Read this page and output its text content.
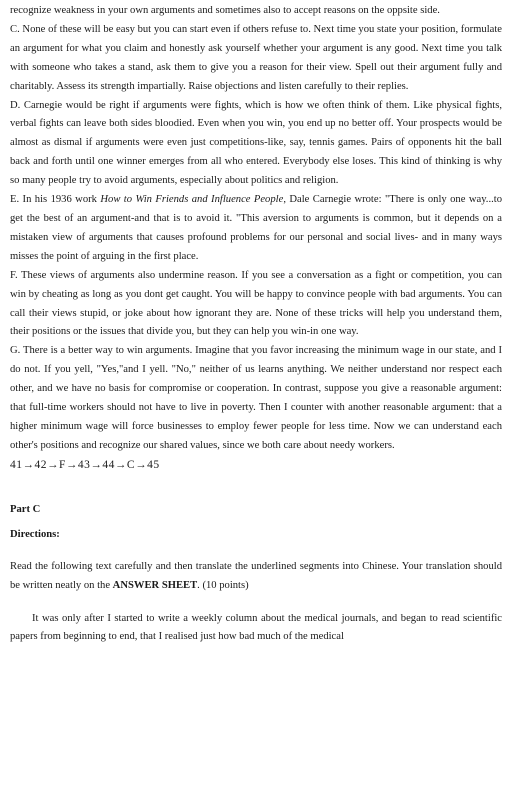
recognize weakness in your own arguments and sometimes also to accept reasons on the oppsite side.

C. None of these will be easy but you can start even if others refuse to. Next time you state your position, formulate an argument for what you claim and honestly ask yourself whether your argument is any good. Next time you talk with someone who takes a stand, ask them to give you a reason for their view. Spell out their argument fully and charitably. Assess its strength impartially. Raise objections and listen carefully to their replies.

D. Carnegie would be right if arguments were fights, which is how we often think of them. Like physical fights, verbal fights can leave both sides bloodied. Even when you win, you end up no better off. Your prospects would be almost as dismal if arguments were even just competitions-like, say, tennis games. Pairs of opponents hit the ball back and forth until one winner emerges from all who entered. Everybody else loses. This kind of thinking is why so many people try to avoid arguments, especially about politics and religion.

E. In his 1936 work How to Win Friends and Influence People, Dale Carnegie wrote: "There is only one way...to get the best of an argument-and that is to avoid it. "This aversion to arguments is common, but it depends on a mistaken view of arguments that causes profound problems for our personal and social lives- and in many ways misses the point of arguing in the first place.

F. These views of arguments also undermine reason. If you see a conversation as a fight or competition, you can win by cheating as long as you dont get caught. You will be happy to convince people with bad arguments. You can call their views stupid, or joke about how ignorant they are. None of these tricks will help you understand them, their positions or the issues that divide you, but they can help you win-in one way.

G. There is a better way to win arguments. Imagine that you favor increasing the minimum wage in our state, and I do not. If you yell, "Yes,"and I yell. "No," neither of us learns anything. We neither understand nor respect each other, and we have no basis for compromise or cooperation. In contrast, suppose you give a reasonable argument: that full-time workers should not have to live in poverty. Then I counter with another reasonable argument: that a higher minimum wage will force businesses to employ fewer people for less time. Now we can understand each other's positions and recognize our shared values, since we both care about needy workers.

41→42→F→43→44→C→45

Part C

Directions:

Read the following text carefully and then translate the underlined segments into Chinese. Your translation should be written neatly on the ANSWER SHEET. (10 points)

It was only after I started to write a weekly column about the medical journals, and began to read scientific papers from beginning to end, that I realised just how bad much of the medical
